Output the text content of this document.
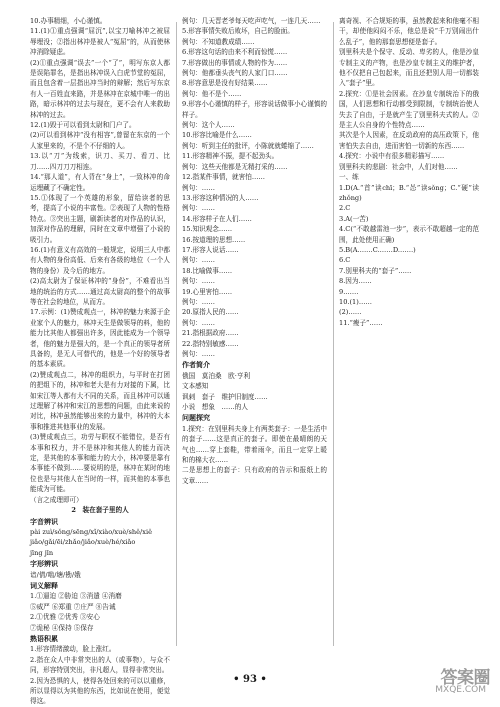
10.办事精细，小心谨慎。
11.(1)①重点强调“屈沉”,以宝刀喻林冲之被屈辱埋没；②指出林冲是被人“冤屈”的，从而使林冲消除疑虑。
(2)①重点强调“误去”一个“了”，明写东京人都是误陷罪名，是指出林冲误入白虎节堂的冤屈，而且包含着一层指出冲当时的辩解；然后写东京有人一百姓直来路，并是林冲在京城中唯一的出路，暗示林冲的过去与现在，更不会有人来救助林冲的过去。
12.(1)毁于可以看到太尉和门户了。
(2)可以看到林冲“没有相容”,曾留在东京的一个人家里来的，不是个不仔细的人。
13.以“刀”为线索，识刀、买刀、看刀、比刀……四刀刀刀相连。
14.“那人道”，有人背在“身上”，一致林冲的命运埋藏了不确定性。
15.①体现了一个英雄的形象，留给读者的思考，提高了小说的丰富性。②表现了人物的性格特点。③突出主题，刷新读者的对作品的认识，加深对作品的理解，同时在文章中增强了小说的吸引力。
16.(1)有意义有高效的一般规定，说明三人中都有人物的身份高低、后来有各级的地位（一个人物的身份）及今后的地方。
(2)高太尉为了保证林冲的“身份”，不难看出当地的统治的方式……通过高太尉高的整个的故事等在社会的地位，从而方。
17.示例：(1)赞成观点一，林冲的魅力来源于企业家个人的魅力，林冲天生是做领导的料，他的能力比其他人都强出许多，因此能成为一个领导者，他的魅力是强大的，是一个真正的领导者所具备的，是无人可替代的，他是一个好的领导者的基本素质。
(2)赞成观点二，林冲的组织力，与平时在打团的把组下的，林冲和老大是有力对接的下属，比如宋江等人都有大不同的关系，而且林冲可以通过理解了林冲和宋江的思想的问题，由此来说的对比，林冲虽然能够出来的力量中，林冲的大本事和推进其他事业的发展。
(3)赞成观点三，功劳与职权不能错位，是否有本事和权力，并不是林冲和其他人的能力而决定，是其他的本事和能力的大小，林冲要是靠有本事能不做到……要说明的是，林冲在某时的地位也是与其他人在当时的一样，而其他的本事也能成为可能。
（言之成理即可）
2　 装在套子里的人
字音辨识
pài zuì/sǒng/sēng/xǐ/xiào/xuè/shě/xiě
jiǎo/gǎi/ēi/zhǎo/jiǎo/xuè/hé/xiǎo
jīng jīn
字形辨识
谙/倩/啮/塘/勘/娥
词义解释
1.①逼迫 ②胁迫 ③消遣 ④消磨
⑤威严 ⑥郑重 ⑦庄严 ⑧告诫
2.①优雅 ②优秀 ③安心
⑦诡秘 ④保持 ⑤保存
熟语积累
1.形容情绪激动，脸上涨红。
2.指在众人中非常突出的人（或事物），与众不同，形容特别突出，非凡超人，显得非常突出。
2.因为恐惧的人，使得各处回来的可以以重修，所以显得以为其他的东西，比如说在使用，便觉得这。
例句：几天晋老爷每天吃声吃气，一连几天……
5.形容事情失败后败坏，自己的脸面。
例句：不知道教成绩……
6.形容这句话的由来不利而惊慌……
7.形容做出的事情或人物的作为……
例句：他都垂头丧气的人家门口……
8.形容意思是没有好结果……
例句：他不是个……
9.形容小心谨慎的样子，形容说话做事小心谨慎的样子。
例句：这个人……
10.形容比喻是什么……
例句：听到主任的批评，小陈就就蜷缩了……
11.形容精神不振，提不起劲头。
例句：这些天他都是无精打采的……
12.指某件事情，就害怕……
例句：……
13.形容这种情况的人……
例句：……
14.形容样子在人们……
15.知识观念……
16.按道理的思想……
17.形容人说话……
例句：……
18.比喻做事……
例句：……
19.心里害怕……
例句：……
20.原指人民的……
例句：……
21.指根据政府……
22.指特别敏感……
例句：……
作者简介
俄国　莫泊桑　欧·亨利
文本感知
讽刺　套子　维护旧制度……
小说　想象　……的人
问题探究
1.探究：在别里科夫身上有两类套子：一是生活中的套子……这是真正的套子。即使在最晴朗的天气也……穿上套鞋，带着雨伞，而且一定穿上暖和的棉大衣……
二是思想上的套子：只有政府的告示和报纸上的文章……
离奇视、不合规矩的事，虽然教起来和他毫不相干，却使他闷闷不乐，他总是说“千万别闹出什么乱子”，他的那套思想便是套子。
别里科夫是个保守、反动、卑劣的人，他是沙皇专制主义的产物，也是沙皇专制主义的维护者，他不仅把自己包起来，而且还把别人用一切都装入“套子”里。
2.探究：①是社会因素。在沙皇专制统治下的俄国，人们思想和行动都受到限制，专制统治使人失去了自由，于是就产生了别里科夫式的人。②是主人公自身的个性特点……
其次是个人因素，在反动政府的高压政策下，他害怕失去自由，进而害怕一切新的东西……
4.探究：小说中有很多精彩描写……
别里科夫的悲剧：社会中，人们对他……
一、练
1.D(A.“首”读chī；B.“怂”读sǒng；C.“硬”读zhǒng)
2.C
3.A(一苦)
4.C(“不敢越雷池一步”，表示不敢超越一定的范围，此处使用正确)
5.B(A.……C.……D.……)
6.C
7.别里科夫的“套子”……
8.因为……
9.……
10.(1)……
(2)……
11.“瘦子”……
• 93 •	答案圈
MXQE.COM
